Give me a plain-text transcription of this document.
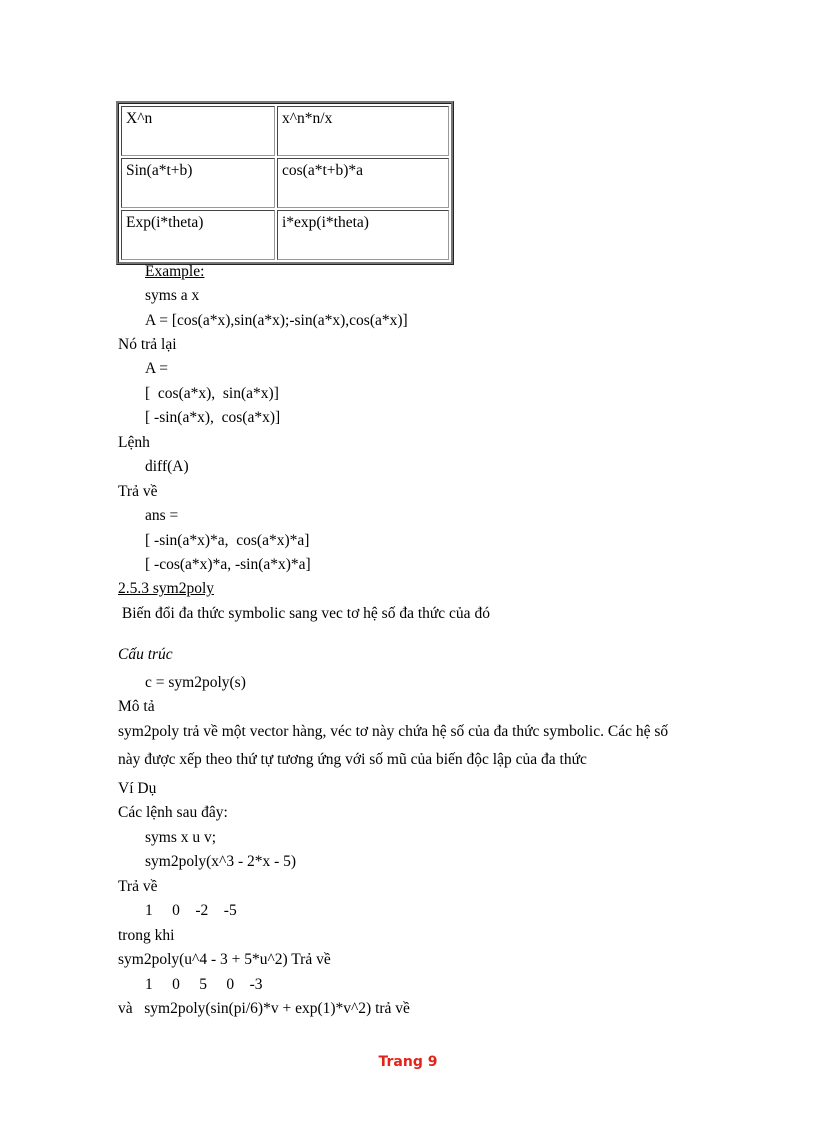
X^n	x^n*n/x
Sin(a*t+b)	cos(a*t+b)*a
Exp(i*theta)	i*exp(i*theta)
Example:
syms a x
A = [cos(a*x),sin(a*x);-sin(a*x),cos(a*x)]
Nó trả lại
A =
[  cos(a*x),  sin(a*x)]
[ -sin(a*x),  cos(a*x)]
Lệnh
diff(A)
Trả về
ans =
[ -sin(a*x)*a,  cos(a*x)*a]
[ -cos(a*x)*a, -sin(a*x)*a]
2.5.3 sym2poly
Biến đổi đa thức symbolic sang vec tơ hệ số đa thức của đó
Cấu trúc
c = sym2poly(s)
Mô tả
sym2poly trả về một vector hàng, véc tơ này chứa hệ số của đa thức symbolic. Các hệ số
này được xếp theo thứ tự tương ứng với số mũ của biến độc lập của đa thức
Ví Dụ
Các lệnh sau đây:
syms x u v;
sym2poly(x^3 - 2*x - 5)
Trả về
1     0    -2    -5
trong khi
sym2poly(u^4 - 3 + 5*u^2) Trả về
1     0     5     0    -3
và   sym2poly(sin(pi/6)*v + exp(1)*v^2) trả về
Trang 9
